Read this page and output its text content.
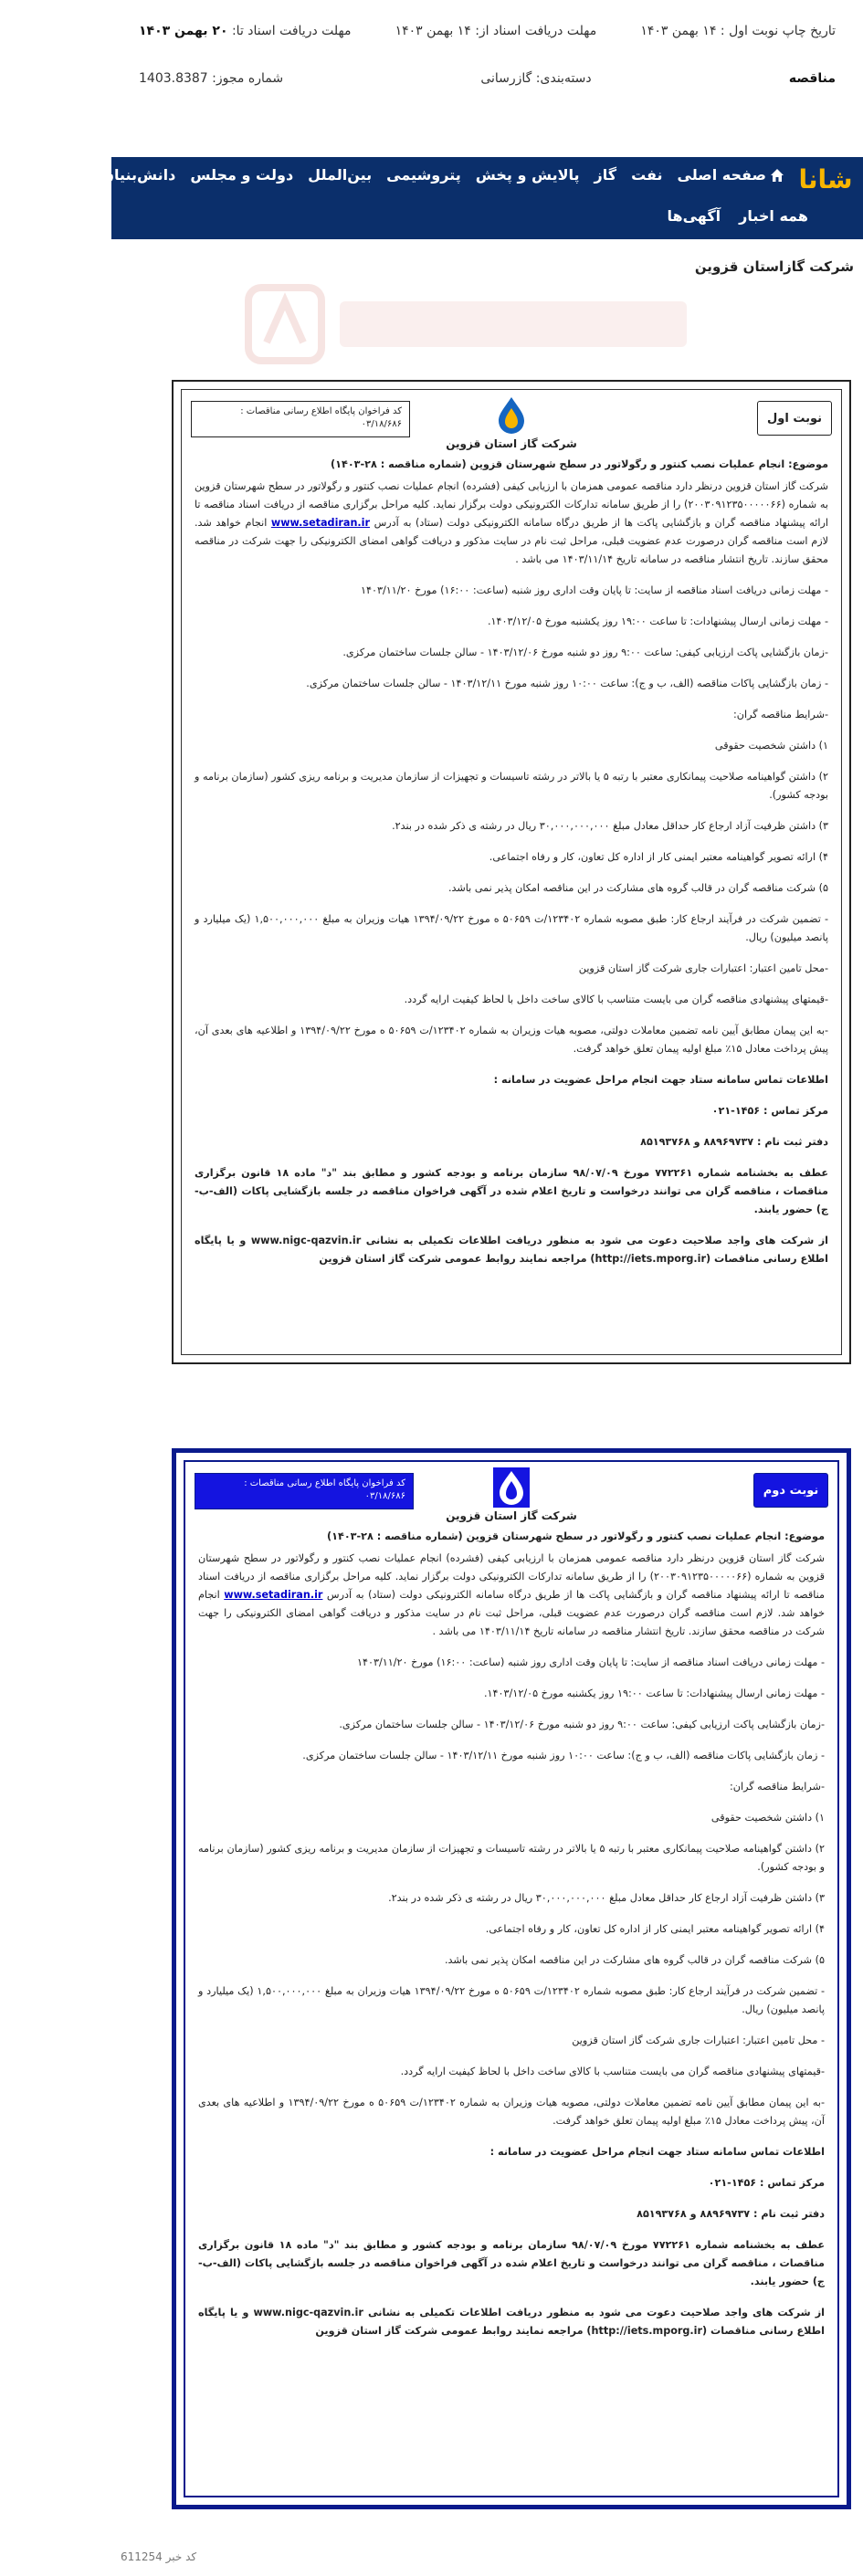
تاریخ چاپ نوبت اول : ۱۴ بهمن ۱۴۰۳
مهلت دریافت اسناد از: ۱۴ بهمن ۱۴۰۳
مهلت دریافت اسناد تا: ۲۰ بهمن ۱۴۰۳
مناقصه
دسته‌بندی: گازرسانی
شماره مجوز: 1403.8387
شانا
صفحه اصلی
نفت
گاز
پالایش و پخش
پتروشیمی
بین‌الملل
دولت و مجلس
دانش‌بنیان
عکس
فیلم
همه اخبار
آگهی‌ها
شرکت گازاستان قزوین
نوبت اول
کد فراخوان پایگاه اطلاع رسانی مناقصات :
۰۳/۱۸/۶۸۶
شرکت گاز استان قزوین

موضوع: انجام عملیات نصب کنتور و رگولاتور در سطح شهرستان قزوین (شماره مناقصه : ۲۸-۱۴۰۳)

شرکت گاز استان قزوین درنظر دارد مناقصه عمومی همزمان با ارزیابی کیفی (فشرده) انجام عملیات نصب کنتور و رگولاتور در سطح شهرستان قزوین به شماره (۲۰۰۳۰۹۱۲۳۵۰۰۰۰۰۶۶) را از طریق سامانه تدارکات الکترونیکی دولت برگزار نماید. کلیه مراحل برگزاری مناقصه از دریافت اسناد مناقصه تا ارائه پیشنهاد مناقصه گران و بازگشایی پاکت ها از طریق درگاه سامانه الکترونیکی دولت (ستاد) به آدرس www.setadiran.ir انجام خواهد شد. لازم است مناقصه گران درصورت عدم عضویت قبلی، مراحل ثبت نام در سایت مذکور و دریافت گواهی امضای الکترونیکی را جهت شرکت در مناقصه محقق سازند. تاریخ انتشار مناقصه در سامانه تاریخ ۱۴۰۳/۱۱/۱۴ می باشد .

- مهلت زمانی دریافت اسناد مناقصه از سایت: تا پایان وقت اداری روز شنبه (ساعت: ۱۶:۰۰) مورخ ۱۴۰۳/۱۱/۲۰

- مهلت زمانی ارسال پیشنهادات: تا ساعت ۱۹:۰۰ روز یکشنبه مورخ ۱۴۰۳/۱۲/۰۵.

-زمان بازگشایی پاکت ارزیابی کیفی: ساعت ۹:۰۰ روز دو شنبه مورخ ۱۴۰۳/۱۲/۰۶ - سالن جلسات ساختمان مرکزی.

- زمان بازگشایی پاکات مناقصه (الف، ب و ج): ساعت ۱۰:۰۰ روز شنبه مورخ ۱۴۰۳/۱۲/۱۱ - سالن جلسات ساختمان مرکزی.

-شرایط مناقصه گران:

۱) داشتن شخصیت حقوقی

۲) داشتن گواهینامه صلاحیت پیمانکاری معتبر با رتبه ۵ یا بالاتر در رشته تاسیسات و تجهیزات از سازمان مدیریت و برنامه ریزی کشور (سازمان برنامه و بودجه کشور).

۳) داشتن ظرفیت آزاد ارجاع کار حداقل معادل مبلغ ۳۰,۰۰۰,۰۰۰,۰۰۰ ریال در رشته ی ذکر شده در بند۲.

۴) ارائه تصویر گواهینامه معتبر ایمنی کار از اداره کل تعاون، کار و رفاه اجتماعی.

۵) شرکت مناقصه گران در قالب گروه های مشارکت در این مناقصه امکان پذیر نمی باشد.

- تضمین شرکت در فرآیند ارجاع کار: طبق مصوبه شماره ۱۲۳۴۰۲/ت ۵۰۶۵۹ ه مورخ ۱۳۹۴/۰۹/۲۲ هیات وزیران به مبلغ ۱,۵۰۰,۰۰۰,۰۰۰ (یک میلیارد و پانصد میلیون) ریال.

-محل تامین اعتبار: اعتبارات جاری شرکت گاز استان قزوین

-قیمتهای پیشنهادی مناقصه گران می بایست متناسب با کالای ساخت داخل با لحاظ کیفیت ارایه گردد.

-به این پیمان مطابق آیین نامه تضمین معاملات دولتی، مصوبه هیات وزیران به شماره ۱۲۳۴۰۲/ت ۵۰۶۵۹ ه مورخ ۱۳۹۴/۰۹/۲۲ و اطلاعیه های بعدی آن، پیش پرداخت معادل ۱۵٪ مبلغ اولیه پیمان تعلق خواهد گرفت.

اطلاعات تماس سامانه ستاد جهت انجام مراحل عضویت در سامانه :

مرکز تماس : ۱۴۵۶-۰۲۱

دفتر ثبت نام : ۸۸۹۶۹۷۳۷ و ۸۵۱۹۳۷۶۸

عطف به بخشنامه شماره ۷۷۲۲۶۱ مورخ ۹۸/۰۷/۰۹ سازمان برنامه و بودجه کشور و مطابق بند "د" ماده ۱۸ قانون برگزاری مناقصات ، مناقصه گران می توانند درخواست و تاریخ اعلام شده در آگهی فراخوان مناقصه در جلسه بازگشایی پاکات (الف-ب-ج) حضور یابند.

از شرکت های واجد صلاحیت دعوت می شود به منظور دریافت اطلاعات تکمیلی به نشانی www.nigc-qazvin.ir و یا پایگاه اطلاع رسانی مناقصات (http://iets.mporg.ir) مراجعه نمایند روابط عمومی شرکت گاز استان قزوین

نوبت دوم
کد فراخوان پایگاه اطلاع رسانی مناقصات :
۰۳/۱۸/۶۸۶
شرکت گاز استان قزوین

موضوع: انجام عملیات نصب کنتور و رگولاتور در سطح شهرستان قزوین (شماره مناقصه : ۲۸-۱۴۰۳)

شرکت گاز استان قزوین درنظر دارد مناقصه عمومی همزمان با ارزیابی کیفی (فشرده) انجام عملیات نصب کنتور و رگولاتور در سطح شهرستان قزوین به شماره (۲۰۰۳۰۹۱۲۳۵۰۰۰۰۰۶۶) را از طریق سامانه تدارکات الکترونیکی دولت برگزار نماید. کلیه مراحل برگزاری مناقصه از دریافت اسناد مناقصه تا ارائه پیشنهاد مناقصه گران و بازگشایی پاکت ها از طریق درگاه سامانه الکترونیکی دولت (ستاد) به آدرس www.setadiran.ir انجام خواهد شد. لازم است مناقصه گران درصورت عدم عضویت قبلی، مراحل ثبت نام در سایت مذکور و دریافت گواهی امضای الکترونیکی را جهت شرکت در مناقصه محقق سازند. تاریخ انتشار مناقصه در سامانه تاریخ ۱۴۰۳/۱۱/۱۴ می باشد .

- مهلت زمانی دریافت اسناد مناقصه از سایت: تا پایان وقت اداری روز شنبه (ساعت: ۱۶:۰۰) مورخ ۱۴۰۳/۱۱/۲۰

- مهلت زمانی ارسال پیشنهادات: تا ساعت ۱۹:۰۰ روز یکشنبه مورخ ۱۴۰۳/۱۲/۰۵.

-زمان بازگشایی پاکت ارزیابی کیفی: ساعت ۹:۰۰ روز دو شنبه مورخ ۱۴۰۳/۱۲/۰۶ - سالن جلسات ساختمان مرکزی.

- زمان بازگشایی پاکات مناقصه (الف، ب و ج): ساعت ۱۰:۰۰ روز شنبه مورخ ۱۴۰۳/۱۲/۱۱ - سالن جلسات ساختمان مرکزی.

-شرایط مناقصه گران:

۱) داشتن شخصیت حقوقی

۲) داشتن گواهینامه صلاحیت پیمانکاری معتبر با رتبه ۵ یا بالاتر در رشته تاسیسات و تجهیزات از سازمان مدیریت و برنامه ریزی کشور (سازمان برنامه و بودجه کشور).

۳) داشتن ظرفیت آزاد ارجاع کار حداقل معادل مبلغ ۳۰,۰۰۰,۰۰۰,۰۰۰ ریال در رشته ی ذکر شده در بند۲.

۴) ارائه تصویر گواهینامه معتبر ایمنی کار از اداره کل تعاون، کار و رفاه اجتماعی.

۵) شرکت مناقصه گران در قالب گروه های مشارکت در این مناقصه امکان پذیر نمی باشد.

- تضمین شرکت در فرآیند ارجاع کار: طبق مصوبه شماره ۱۲۳۴۰۲/ت ۵۰۶۵۹ ه مورخ ۱۳۹۴/۰۹/۲۲ هیات وزیران به مبلغ ۱,۵۰۰,۰۰۰,۰۰۰ (یک میلیارد و پانصد میلیون) ریال.

- محل تامین اعتبار: اعتبارات جاری شرکت گاز استان قزوین

-قیمتهای پیشنهادی مناقصه گران می بایست متناسب با کالای ساخت داخل با لحاظ کیفیت ارایه گردد.

-به این پیمان مطابق آیین نامه تضمین معاملات دولتی، مصوبه هیات وزیران به شماره ۱۲۳۴۰۲/ت ۵۰۶۵۹ ه مورخ ۱۳۹۴/۰۹/۲۲ و اطلاعیه های بعدی آن، پیش پرداخت معادل ۱۵٪ مبلغ اولیه پیمان تعلق خواهد گرفت.

اطلاعات تماس سامانه ستاد جهت انجام مراحل عضویت در سامانه :

مرکز تماس : ۱۴۵۶-۰۲۱

دفتر ثبت نام : ۸۸۹۶۹۷۳۷ و ۸۵۱۹۳۷۶۸

عطف به بخشنامه شماره ۷۷۲۲۶۱ مورخ ۹۸/۰۷/۰۹ سازمان برنامه و بودجه کشور و مطابق بند "د" ماده ۱۸ قانون برگزاری مناقصات ، مناقصه گران می توانند درخواست و تاریخ اعلام شده در آگهی فراخوان مناقصه در جلسه بازگشایی پاکات (الف-ب-ج) حضور یابند.

از شرکت های واجد صلاحیت دعوت می شود به منظور دریافت اطلاعات تکمیلی به نشانی www.nigc-qazvin.ir و یا پایگاه اطلاع رسانی مناقصات (http://iets.mporg.ir) مراجعه نمایند روابط عمومی شرکت گاز استان قزوین

کد خبر 611254
